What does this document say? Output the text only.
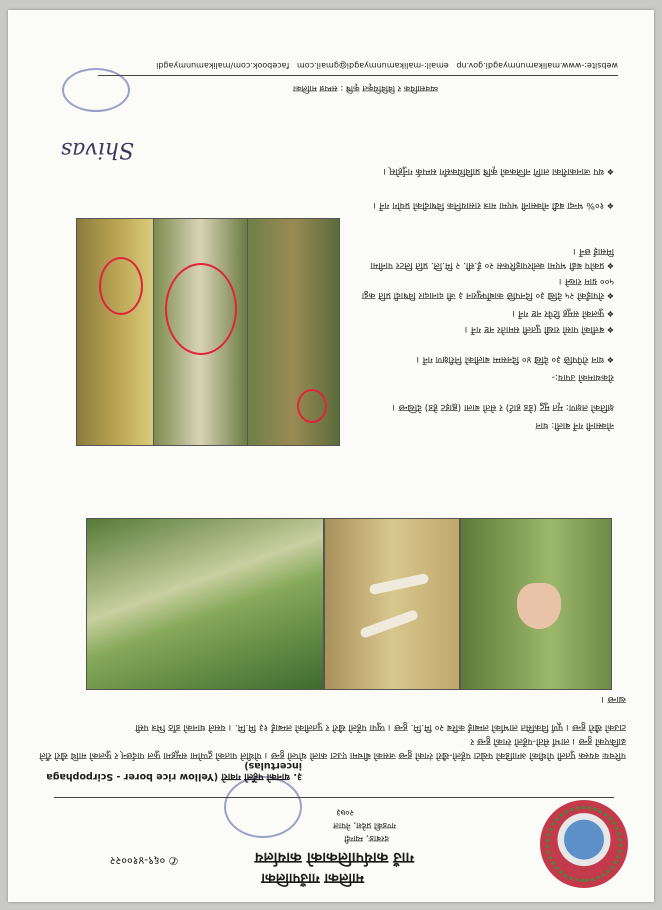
मालिका गाउँपालिका
गाउँ कार्यपालिकाको कार्यालय
दरबाङ, म्याग्दी
गण्डकी प्रदेश, नेपाल
२०७३
✆ ०६९-४१००२२
३. धानको पहेँलो गवारो (Yellow rice borer - Scirpophaga incertulas)
परिचयः वयस्क पुतली पोथीको अगाडिको पखेटा पहेंलो-खैरो रंगको हुन्छ जसको बीचमा एउटा कालो थोप्लो हुन्छ । पोथीले पातको टुप्पोमा समूहमा फुल पार्दछन् र फुलको माथि खैरो रौंले ढाकिएको हुन्छ । लार्भा सेतो-पहेंलो रंगको हुन्छ र
टाउको खैरो हुन्छ । पूर्ण विकसित लार्भाको लम्बाई करिब २० मि.मि. हुन्छ । प्युपा पहेंलो खैरो र पुतलीको लम्बाई १३ मि.मि. । यसले धानको डाँठ भित्र पसी
खान्छ ।
नोक्सानी गर्ने बाली: धान
क्षतिको लक्षण: मृत मुटु (डेड हार्ट) र सेतो बाला (ह्वाइट हेड) देखिन्छ ।
रोकथामको उपाय:-
❖ धान रोपेपछि ३० देखि ४० दिनसम्म बालीको निरीक्षण गर्ने ।
❖ बत्तीको पासो राखी पुतली समातेर नष्ट गर्ने ।
❖ फुलको समूह टिपेर नष्ट गर्ने ।
❖ रोपाइँको २५ देखि ३० दिनपछि कार्बोफ्युरान ३ जी दानादार विषादी प्रति कट्ठा ५०० ग्राम राख्ने ।
❖ प्रकोप बढी भएमा क्लोरपाइरिफस २० ई.सी. २ मि.लि. प्रति लिटर पानीमा मिसाई छर्ने ।
❖ १०% भन्दा बढी नोक्सानी भएमा मात्र रासायनिक विषादीको प्रयोग गर्ने ।
❖ थप जानकारीका लागि नजिकको कृषि प्राविधिकसँग सम्पर्क गर्नुहोस् ।
Shivas
व्यवसायिक र विविधिकृत कृषि : सम्पन्न मालिका
website:-www.malikamunmyagdi.gov.np   email:-malikamunmyagdi@gmail.com   facebook.com/malikamunmyagdi
